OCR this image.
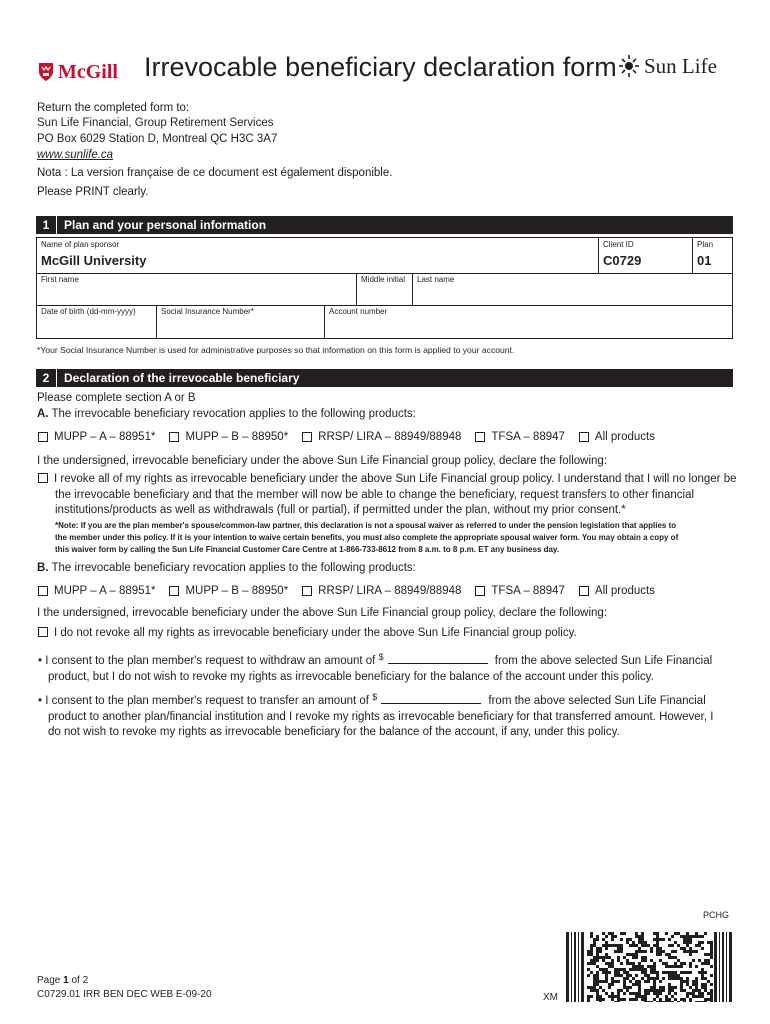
McGill Irrevocable beneficiary declaration form Sun Life
Return the completed form to:
Sun Life Financial, Group Retirement Services
PO Box 6029 Station D, Montreal QC H3C 3A7
www.sunlife.ca
Nota : La version française de ce document est également disponible.
Please PRINT clearly.
1	Plan and your personal information
Name of plan sponsor
McGill University
Client ID
C0729
Plan
01
First name	Middle initial Last name
Date of birth (dd-mm-yyyy)	Social Insurance Number*	Account number
*Your Social Insurance Number is used for administrative purposes so that information on this form is applied to your account.
2	Declaration of the irrevocable beneficiary
Please complete section A or B
A. The irrevocable beneficiary revocation applies to the following products:
MUPP – A – 88951*	MUPP – B – 88950*	RRSP/ LIRA – 88949/88948	TFSA – 88947	All products
I the undersigned, irrevocable beneficiary under the above Sun Life Financial group policy, declare the following:
I revoke all of my rights as irrevocable beneficiary under the above Sun Life Financial group policy. I understand that I will no longer be
the irrevocable beneficiary and that the member will now be able to change the beneficiary, request transfers to other financial
institutions/products as well as withdrawals (full or partial), if permitted under the plan, without my prior consent.*
*Note: If you are the plan member's spouse/common-law partner, this declaration is not a spousal waiver as referred to under the pension legislation that applies to
the member under this policy. If it is your intention to waive certain benefits, you must also complete the appropriate spousal waiver form. You may obtain a copy of
this waiver form by calling the Sun Life Financial Customer Care Centre at 1-866-733-8612 from 8 a.m. to 8 p.m. ET any business day.
B. The irrevocable beneficiary revocation applies to the following products:
MUPP – A – 88951*	MUPP – B – 88950*	RRSP/ LIRA – 88949/88948	TFSA – 88947	All products
I the undersigned, irrevocable beneficiary under the above Sun Life Financial group policy, declare the following:
I do not revoke all my rights as irrevocable beneficiary under the above Sun Life Financial group policy.
• I consent to the plan member's request to withdraw an amount of $	from the above selected Sun Life Financial
product, but I do not wish to revoke my rights as irrevocable beneficiary for the balance of the account under this policy.
• I consent to the plan member's request to transfer an amount of $	from the above selected Sun Life Financial
product to another plan/financial institution and I revoke my rights as irrevocable beneficiary for that transferred amount. However, I
do not wish to revoke my rights as irrevocable beneficiary for the balance of the account, if any, under this policy.
PCHG
Page 1 of 2
C0729.01 IRR BEN DEC WEB E-09-20	XM
